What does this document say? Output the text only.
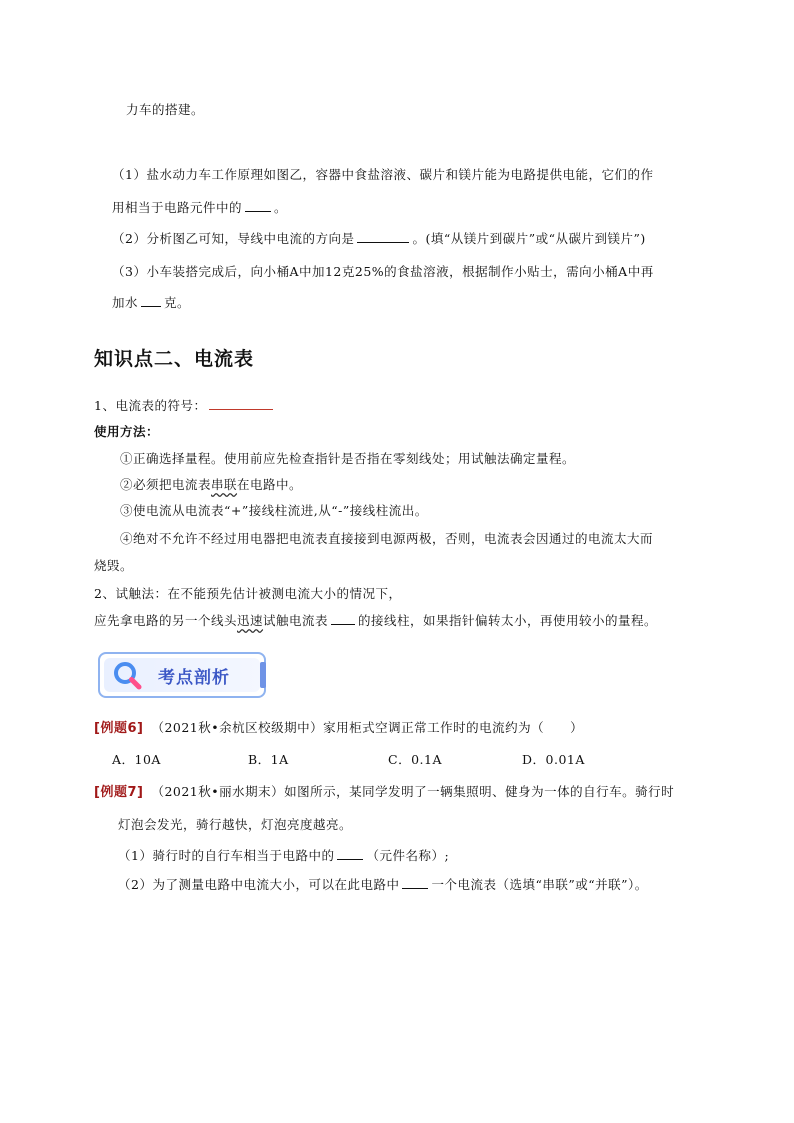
力车的搭建。
（1）盐水动力车工作原理如图乙，容器中食盐溶液、碳片和镁片能为电路提供电能，它们的作
用相当于电路元件中的	。
（2）分析图乙可知，导线中电流的方向是	。(填“从镁片到碳片”或“从碳片到镁片”)
（3）小车装搭完成后，向小桶A中加12克25%的食盐溶液，根据制作小贴士，需向小桶A中再
加水 克。
知识点二、电流表
1、电流表的符号：
使用方法：
①正确选择量程。使用前应先检查指针是否指在零刻线处；用试触法确定量程。
②必须把电流表串联在电路中。
③使电流从电流表“+”接线柱流进,从“-”接线柱流出。
④绝对不允许不经过用电器把电流表直接接到电源两极，否则，电流表会因通过的电流太大而
烧毁。
2、试触法：在不能预先估计被测电流大小的情况下，
应先拿电路的另一个线头迅速试触电流表 的接线柱，如果指针偏转太小，再使用较小的量程。
考点剖析
[例题6] （2021秋•余杭区校级期中）家用柜式空调正常工作时的电流约为（　　）
A．10A	B．1A	C．0.1A	D．0.01A
[例题7] （2021秋•丽水期末）如图所示，某同学发明了一辆集照明、健身为一体的自行车。骑行时
灯泡会发光，骑行越快，灯泡亮度越亮。
（1）骑行时的自行车相当于电路中的	（元件名称）;
（2）为了测量电路中电流大小，可以在此电路中	一个电流表（选填“串联”或“并联”）。
